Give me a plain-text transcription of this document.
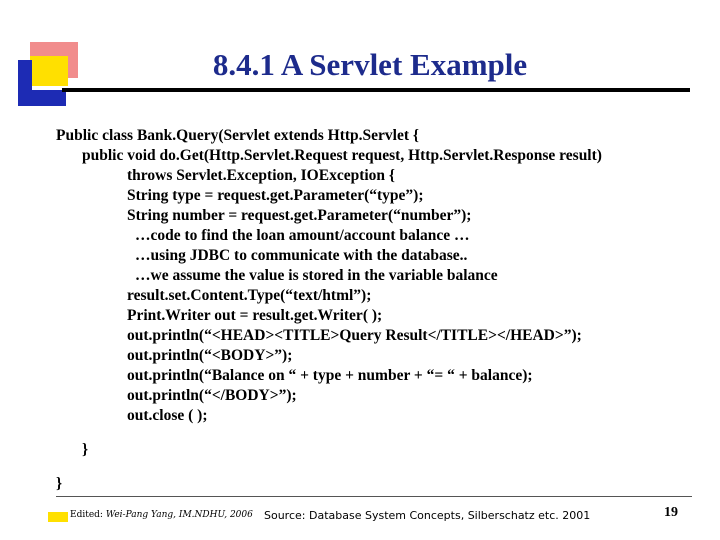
8.4.1 A Servlet Example
Public class Bank.Query(Servlet extends Http.Servlet {
public void do.Get(Http.Servlet.Request request, Http.Servlet.Response result)
throws Servlet.Exception, IOException {
String type = request.get.Parameter(“type”);
String number = request.get.Parameter(“number”);
…code to find the loan amount/account balance …
…using JDBC to communicate with the database..
…we assume the value is stored in the variable balance
result.set.Content.Type(“text/html”);
Print.Writer out = result.get.Writer( );
out.println(“<HEAD><TITLE>Query Result</TITLE></HEAD>”);
out.println(“<BODY>”);
out.println(“Balance on “ + type + number + “= “ + balance);
out.println(“</BODY>”);
out.close ( );
}
}
Edited: Wei-Pang Yang, IM.NDHU, 2006 Source: Database System Concepts, Silberschatz etc. 2001	19
